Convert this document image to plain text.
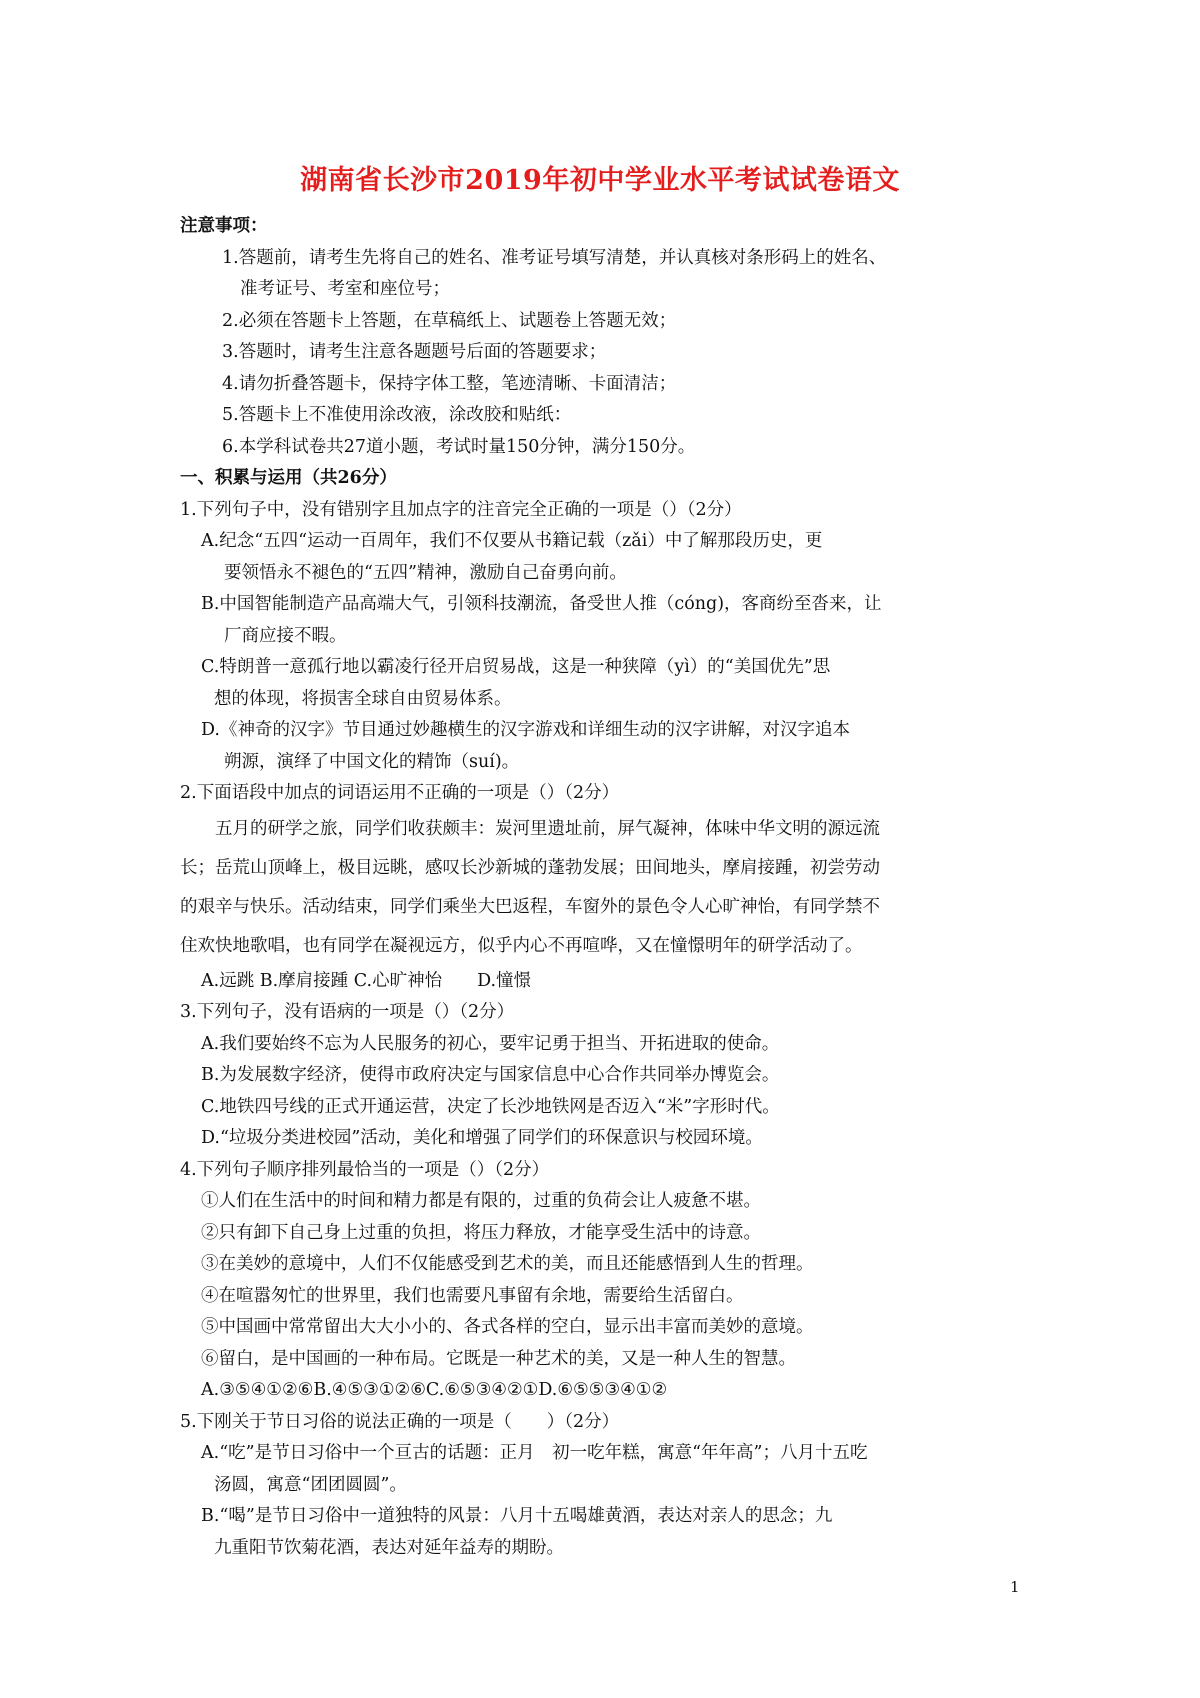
湖南省长沙市2019年初中学业水平考试试卷语文
注意事项：
1.答题前，请考生先将自己的姓名、准考证号填写清楚，并认真核对条形码上的姓名、
准考证号、考室和座位号；
2.必须在答题卡上答题，在草稿纸上、试题卷上答题无效；
3.答题时，请考生注意各题题号后面的答题要求；
4.请勿折叠答题卡，保持字体工整，笔迹清晰、卡面清洁；
5.答题卡上不准使用涂改液，涂改胶和贴纸：
6.本学科试卷共27道小题，考试时量150分钟，满分150分。
一、积累与运用（共26分）
1.下列句子中，没有错别字且加点字的注音完全正确的一项是（）（2分）
A.纪念“五四“运动一百周年，我们不仅要从书籍记载（zǎi）中了解那段历史，更
要领悟永不褪色的“五四”精神，激励自己奋勇向前。
B.中国智能制造产品高端大气，引领科技潮流，备受世人推（cóng)，客商纷至沓来，让
厂商应接不暇。
C.特朗普一意孤行地以霸凌行径开启贸易战，这是一种狭障（yì）的“美国优先”思
想的体现，将损害全球自由贸易体系。
D.《神奇的汉字》节目通过妙趣横生的汉字游戏和详细生动的汉字讲解，对汉字追本
朔源，演绎了中国文化的精饰（suí)。
2.下面语段中加点的词语运用不正确的一项是（）（2分）
五月的研学之旅，同学们收获颇丰：炭河里遗址前，屏气凝神，体味中华文明的源远流
长；岳荒山顶峰上，极目远眺，感叹长沙新城的蓬勃发展；田间地头，摩肩接踵，初尝劳动
的艰辛与快乐。活动结束，同学们乘坐大巴返程，车窗外的景色令人心旷神怡，有同学禁不
住欢快地歌唱，也有同学在凝视远方，似乎内心不再喧哗，又在憧憬明年的研学活动了。
A.远跳 B.摩肩接踵 C.心旷神怡　　D.憧憬
3.下列句子，没有语病的一项是（）（2分）
A.我们要始终不忘为人民服务的初心，要牢记勇于担当、开拓进取的使命。
B.为发展数字经济，使得市政府决定与国家信息中心合作共同举办博览会。
C.地铁四号线的正式开通运营，决定了长沙地铁网是否迈入“米”字形时代。
D.“垃圾分类进校园”活动，美化和增强了同学们的环保意识与校园环境。
4.下列句子顺序排列最恰当的一项是（）（2分）
①人们在生活中的时间和精力都是有限的，过重的负荷会让人疲惫不堪。
②只有卸下自己身上过重的负担，将压力释放，才能享受生活中的诗意。
③在美妙的意境中，人们不仅能感受到艺术的美，而且还能感悟到人生的哲理。
④在喧嚣匆忙的世界里，我们也需要凡事留有余地，需要给生活留白。
⑤中国画中常常留出大大小小的、各式各样的空白，显示出丰富而美妙的意境。
⑥留白，是中国画的一种布局。它既是一种艺术的美，又是一种人生的智慧。
A.③⑤④①②⑥B.④⑤③①②⑥C.⑥⑤③④②①D.⑥⑤⑤③④①②
5.下刚关于节日习俗的说法正确的一项是（　　）（2分）
A.“吃”是节日习俗中一个亘古的话题：正月　初一吃年糕，寓意“年年高”；八月十五吃
汤圆，寓意“团团圆圆”。
B.“喝”是节日习俗中一道独特的风景：八月十五喝雄黄酒，表达对亲人的思念；九
九重阳节饮菊花酒，表达对延年益寿的期盼。
1
